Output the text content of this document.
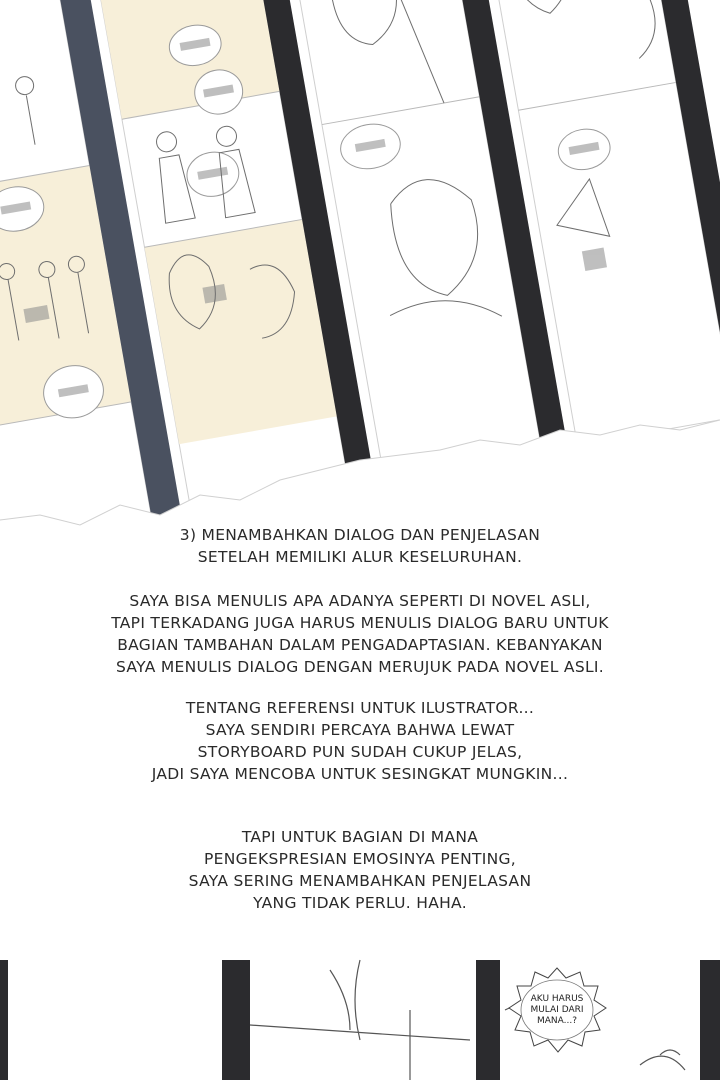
3) MENAMBAHKAN DIALOG DAN PENJELASAN
SETELAH MEMILIKI ALUR KESELURUHAN.

SAYA BISA MENULIS APA ADANYA SEPERTI DI NOVEL ASLI,
TAPI TERKADANG JUGA HARUS MENULIS DIALOG BARU UNTUK
BAGIAN TAMBAHAN DALAM PENGADAPTASIAN. KEBANYAKAN
SAYA MENULIS DIALOG DENGAN MERUJUK PADA NOVEL ASLI.

TENTANG REFERENSI UNTUK ILUSTRATOR...
SAYA SENDIRI PERCAYA BAHWA LEWAT
STORYBOARD PUN SUDAH CUKUP JELAS,
JADI SAYA MENCOBA UNTUK SESINGKAT MUNGKIN...

TAPI UNTUK BAGIAN DI MANA
PENGEKSPRESIAN EMOSINYA PENTING,
SAYA SERING MENAMBAHKAN PENJELASAN
YANG TIDAK PERLU. HAHA.

AKU HARUS
MULAI DARI
MANA...?
